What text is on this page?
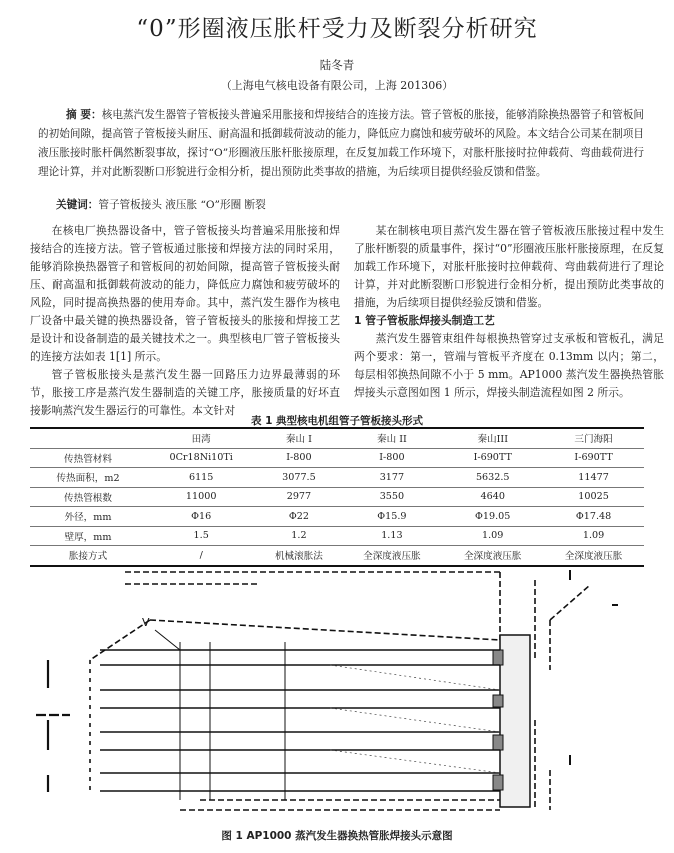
“0”形圈液压胀杆受力及断裂分析研究
陆冬青
（上海电气核电设备有限公司，上海 201306）
摘 要：核电蒸汽发生器管子管板接头普遍采用胀接和焊接结合的连接方法。管子管板的胀接，能够消除换热器管子和管板间的初始间隙，提高管子管板接头耐压、耐高温和抵御载荷波动的能力，降低应力腐蚀和疲劳破坏的风险。本文结合公司某在制项目液压胀接时胀杆偶然断裂事故，探讨“O”形圈液压胀杆胀接原理，在反复加载工作环境下，对胀杆胀接时拉伸载荷、弯曲载荷进行理论计算，并对此断裂断口形貌进行金相分析，提出预防此类事故的措施，为后续项目提供经验反馈和借鉴。
关键词：管子管板接头 液压胀 “O”形圈 断裂

在核电厂换热器设备中，管子管板接头均普遍采用胀接和焊接结合的连接方法。管子管板通过胀接和焊接方法的同时采用，能够消除换热器管子和管板间的初始间隙，提高管子管板接头耐压、耐高温和抵御载荷波动的能力，降低应力腐蚀和疲劳破坏的风险，同时提高换热器的使用寿命。其中，蒸汽发生器作为核电厂设备中最关键的换热器设备，管子管板接头的胀接和焊接工艺是设计和设备制造的最关键技术之一。典型核电厂管子管板接头的连接方法如表 1[1] 所示。

管子管板胀接头是蒸汽发生器一回路压力边界最薄弱的环节，胀接工序是蒸汽发生器制造的关键工序，胀接质量的好坏直接影响蒸汽发生器运行的可靠性。本文针对

某在制核电项目蒸汽发生器在管子管板液压胀接过程中发生了胀杆断裂的质量事件，探讨“0”形圈液压胀杆胀接原理，在反复加载工作环境下，对胀杆胀接时拉伸载荷、弯曲载荷进行了理论计算，并对此断裂断口形貌进行金相分析，提出预防此类事故的措施，为后续项目提供经验反馈和借鉴。

1 管子管板胀焊接头制造工艺

蒸汽发生器管束组件每根换热管穿过支承板和管板孔，满足两个要求：第一，管端与管板平齐度在 0.13mm 以内；第二，每层相邻换热间隙不小于 5 mm。AP1000 蒸汽发生器换热管胀焊接头示意图如图 1 所示，焊接头制造流程如图 2 所示。

表 1 典型核电机组管子管板接头形式
	田湾	秦山 I	秦山 II	秦山III	三门海阳
传热管材料	0Cr18Ni10Ti	I-800	I-800	I-690TT	I-690TT
传热面积，m2	6115	3077.5	3177	5632.5	11477
传热管根数	11000	2977	3550	4640	10025
外径，mm	Φ16	Φ22	Φ15.9	Φ19.05	Φ17.48
壁厚，mm	1.5	1.2	1.13	1.09	1.09
胀接方式	/	机械滚胀法	全深度液压胀	全深度液压胀	全深度液压胀
V
图 1 AP1000 蒸汽发生器换热管胀焊接头示意图
